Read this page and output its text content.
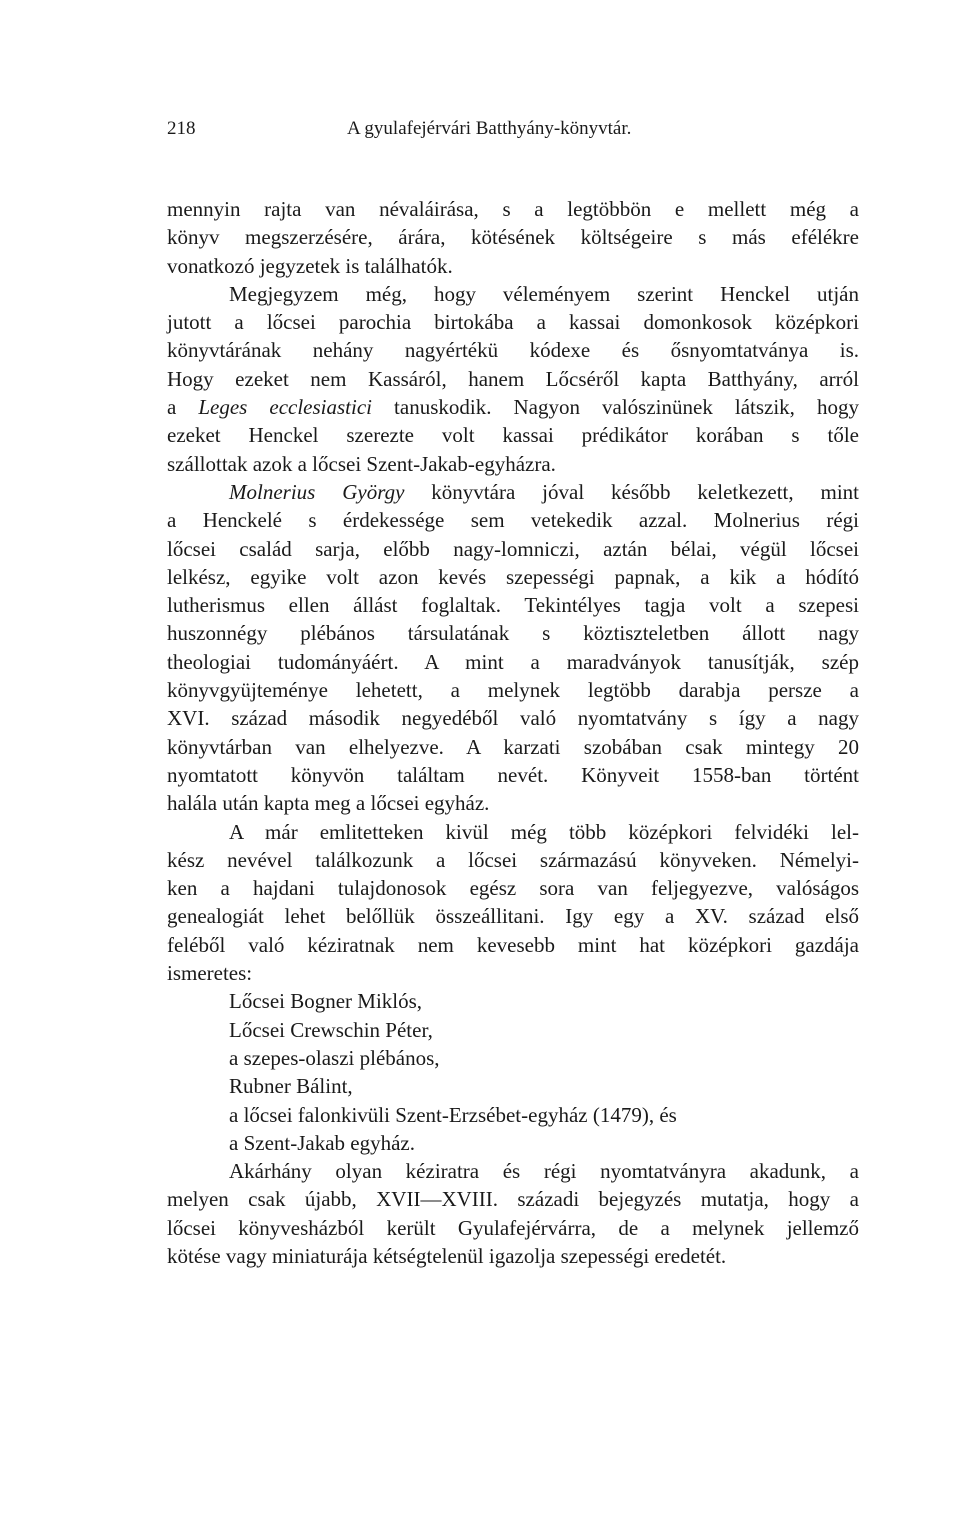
218	A gyulafejérvári Batthyány-könyvtár.
mennyin rajta van névaláirása, s a legtöbbön e mellett még a
könyv megszerzésére, árára, kötésének költségeire s más efélékre
vonatkozó jegyzetek is találhatók.
Megjegyzem még, hogy véleményem szerint Henckel utján
jutott a lőcsei parochia birtokába a kassai domonkosok középkori
könyvtárának nehány nagyértékü kódexe és ősnyomtatványa is.
Hogy ezeket nem Kassáról, hanem Lőcséről kapta Batthyány, arról
a Leges ecclesiastici tanuskodik. Nagyon valószinünek látszik, hogy
ezeket Henckel szerezte volt kassai prédikátor korában s tőle
szállottak azok a lőcsei Szent-Jakab-egyházra.
Molnerius György könyvtára jóval később keletkezett, mint
a Henckelé s érdekessége sem vetekedik azzal. Molnerius régi
lőcsei család sarja, előbb nagy-lomniczi, aztán bélai, végül lőcsei
lelkész, egyike volt azon kevés szepességi papnak, a kik a hódító
lutherismus ellen állást foglaltak. Tekintélyes tagja volt a szepesi
huszonnégy plébános társulatának s köztiszteletben állott nagy
theologiai tudományáért. A mint a maradványok tanusítják, szép
könyvgyüjteménye lehetett, a melynek legtöbb darabja persze a
XVI. század második negyedéből való nyomtatvány s így a nagy
könyvtárban van elhelyezve. A karzati szobában csak mintegy 20
nyomtatott könyvön találtam nevét. Könyveit 1558-ban történt
halála után kapta meg a lőcsei egyház.
A már emlitetteken kivül még több középkori felvidéki lel-
kész nevével találkozunk a lőcsei származású könyveken. Némelyi-
ken a hajdani tulajdonosok egész sora van feljegyezve, valóságos
genealogiát lehet belőllük összeállitani. Igy egy a XV. század első
feléből való kéziratnak nem kevesebb mint hat középkori gazdája
ismeretes:
Lőcsei Bogner Miklós,
Lőcsei Crewschin Péter,
a szepes-olaszi plébános,
Rubner Bálint,
a lőcsei falonkivüli Szent-Erzsébet-egyház (1479), és
a Szent-Jakab egyház.
Akárhány olyan kéziratra és régi nyomtatványra akadunk, a
melyen csak újabb, XVII—XVIII. századi bejegyzés mutatja, hogy a
lőcsei könyvesházból került Gyulafejérvárra, de a melynek jellemző
kötése vagy miniaturája kétségtelenül igazolja szepességi eredetét.
